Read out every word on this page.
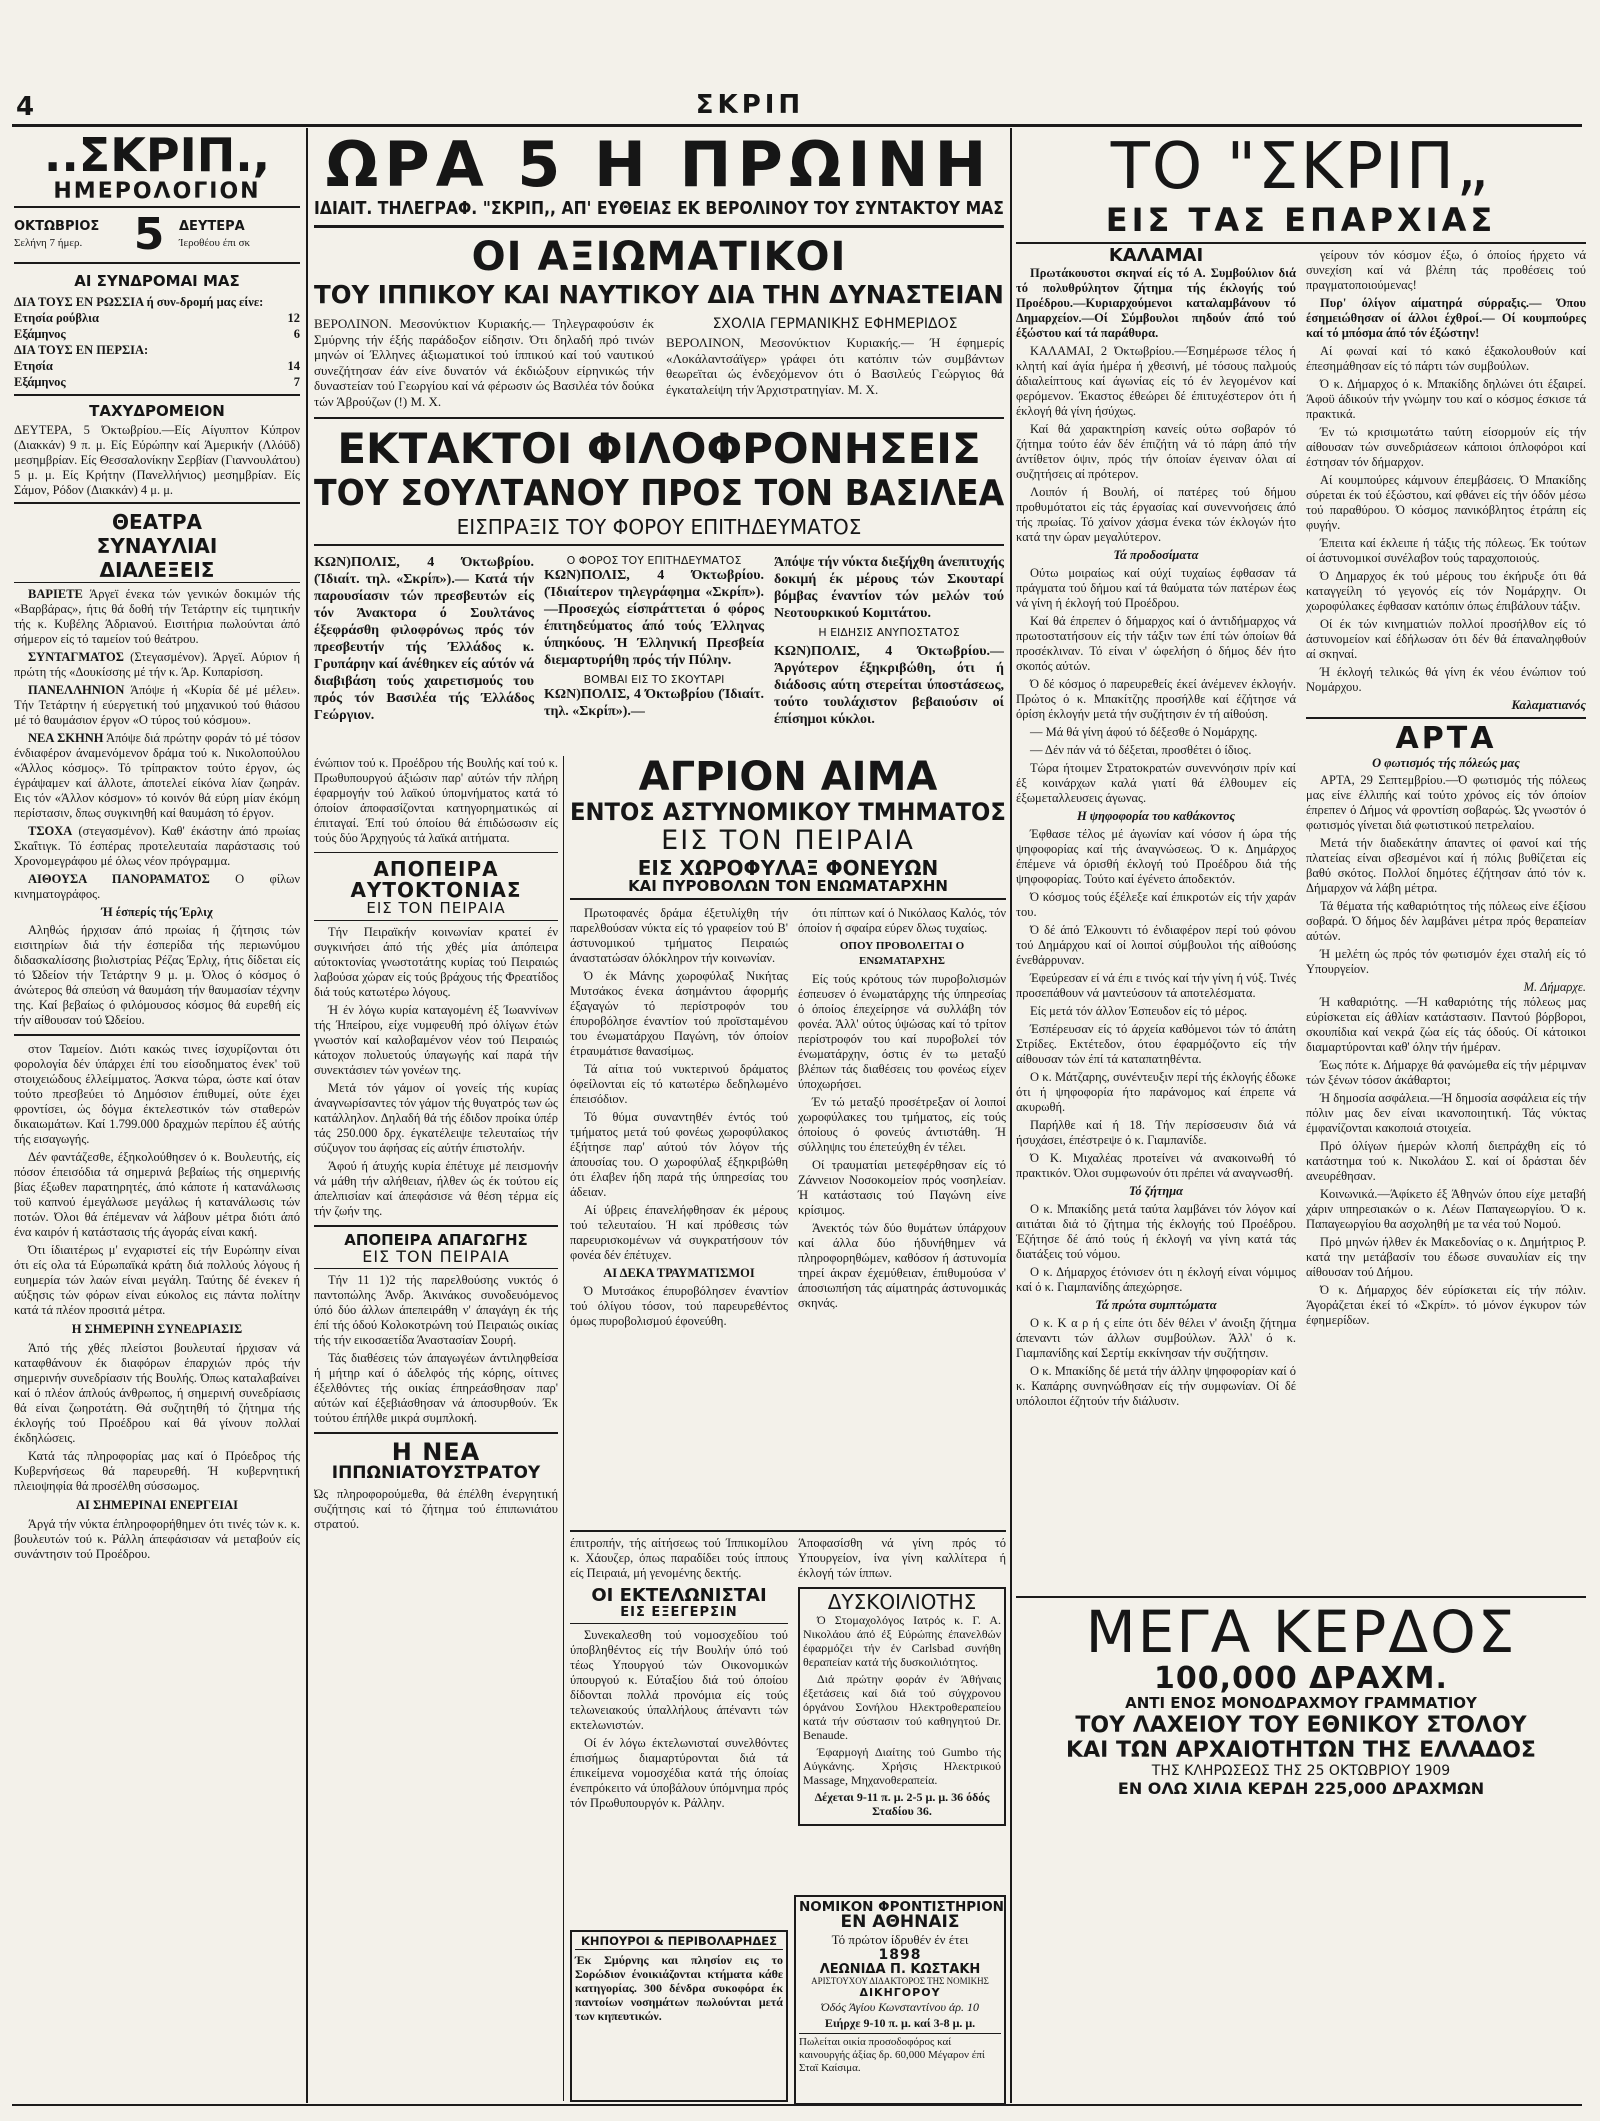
4	ΣΚΡΙΠ
..ΣΚΡΙΠ.,
ΗΜΕΡΟΛΟΓΙΟΝ
ΟΚΤΩΒΡΙΟΣ
Σελήνη 7 ήμερ.	5	ΔΕΥΤΕΡΑ
Ίεροθέου έπι σκ
ΑΙ ΣΥΝΔΡΟΜΑΙ ΜΑΣ
ΔΙΑ ΤΟΥΣ ΕΝ ΡΩΣΣΙΑ ή συν-δρομή μας είνε:
Ετησία ρούβλια	12
Εξάμηνος	6
ΔΙΑ ΤΟΥΣ ΕΝ ΠΕΡΣΙΑ:
Ετησία	14
Εξάμηνος	7
ΤΑΧΥΔΡΟΜΕΙΟΝ
ΔΕΥΤΕΡΑ, 5 Όκτωβρίου.—Είς Αίγυπτον Κύπρον (Διακκάν) 9 π. μ. Είς Εύρώπην καί Άμερικήν (Λλόϋδ) μεσημβρίαν. Είς Θεσσαλονίκην Σερβίαν (Γιαννουλάτου) 5 μ. μ. Είς Κρήτην (Πανελλήνιος) μεσημβρίαν. Είς Σάμον, Ρόδον (Διακκάν) 4 μ. μ.
ΘΕΑΤΡΑ
ΣΥΝΑΥΛΙΑΙ
ΔΙΑΛΕΞΕΙΣ

ΒΑΡΙΕΤΕ Άργεϊ ένεκα τών γενικών δοκιμών τής «Βαρβάρας», ήτις θά δοθή τήν Τετάρτην είς τιμητικήν τής κ. Κυβέλης Άδριανού. Εισιτήρια πωλούνται άπό σήμερον είς τό ταμείον τού θεάτρου.

ΣΥΝΤΑΓΜΑΤΟΣ (Στεγασμένον). Άργεϊ. Αύριον ή πρώτη τής «Δουκίσσης μέ τήν κ. Άρ. Κυπαρίσση.

ΠΑΝΕΛΛΗΝΙΟΝ Άπόψε ή «Κυρία δέ μέ μέλει». Τήν Τετάρτην ή εύεργετική τού μηχανικού τού θιάσου μέ τό θαυμάσιον έργον «Ο τύρος τού κόσμου».

ΝΕΑ ΣΚΗΝΗ Άπόψε διά πρώτην φοράν τό μέ τόσον ένδιαφέρον άναμενόμενον δράμα τού κ. Νικολοπούλου «Άλλος κόσμος». Τό τρίπρακτον τούτο έργον, ώς έγράψαμεν καί άλλοτε, άποτελεί είκόνα λίαν ζωηράν. Εις τόν «Άλλον κόσμον» τό κοινόν θά εύρη μίαν έκόμη περίστασιν, δπως συγκινηθή καί θαυμάση τό έργον.

ΤΣΟΧΑ (στεγασμένον). Καθ' έκάστην άπό πρωίας Σκαΐτιγκ. Τό έσπέρας προτελευταία παράστασις τού Χρονομεγράφου μέ όλως νέον πρόγραμμα.

ΑΙΘΟΥΣΑ ΠΑΝΟΡΑΜΑΤΟΣ Ο φίλων κινηματογράφος.

Ή έσπερίς τής Έρλιχ

Αληθώς ήρχισαν άπό πρωίας ή ζήτησις τών εισιτηρίων διά τήν έσπερίδα τής περιωνύμου διδασκαλίσσης βιολιστρίας Ρέζας Έρλιχ, ήτις δίδεται είς τό Ώδείον τήν Τετάρτην 9 μ. μ. Όλος ό κόσμος ό άνώτερος θά σπεύση νά θαυμάση τήν θαυμασίαν τέχνην της. Καί βεβαίως ό φιλόμουσος κόσμος θά ευρεθή είς τήν αίθουσαν τού Ώδείου.

στον Ταμείον. Διότι κακώς τινες ίσχυρίζονται ότι φορολογία δέν ύπάρχει έπί του είσοδηματος ένεκ' τοϋ στοιχειώδους έλλείμματος. Άσκνα τώρα, ώστε καί όταν τούτο πρεσβεύει τό Δημόσιον έπιθυμεί, ούτε έχει φροντίσει, ώς δόγμα έκτελεστικόν τών σταθερών δικαιωμάτων. Καί 1.799.000 δραχμών περίπου έξ αύτής τής εισαγωγής.

Δέν φαντάζεσθε, έξηκολούθησεν ό κ. Βουλευτής, είς πόσον έπεισόδια τά σημερινά βεβαίως τής σημερινής βίας έξωθεν παρατηρητές, άπό κάποτε ή κατανάλωσις τοϋ καπνού έμεγάλωσε μεγάλως ή κατανάλωσις τών ποτών. Όλοι θά έπέμεναν νά λάβουν μέτρα διότι άπό ένα καιρόν ή κατάστασις τής άγοράς είναι κακή.

Ότι ίδιαιτέρως μ' ενχαριστεί είς τήν Ευρώπην είναι ότι είς ολα τά Εύρωπαϊκά κράτη διά πολλούς λόγους ή ευημερία τών λαών είναι μεγάλη. Ταύτης δέ ένεκεν ή αύξησις τών φόρων είναι εύκολος εις πάντα πολίτην κατά τά πλέον προσιτά μέτρα.

Η ΣΗΜΕΡΙΝΗ ΣΥΝΕΔΡΙΑΣΙΣ

Άπό τής χθές πλείστοι βουλευταί ήρχισαν νά καταφθάνουν έκ διαφόρων έπαρχιών πρός τήν σημερινήν συνεδρίασιν τής Βουλής. Όπως καταλαβαίνει καί ό πλέον άπλούς άνθρωπος, ή σημερινή συνεδρίασις θά είναι ζωηροτάτη. Θά συζητηθή τό ζήτημα τής έκλογής τού Προέδρου καί θά γίνουν πολλαί έκδηλώσεις.

Κατά τάς πληροφορίας μας καί ό Πρόεδρος τής Κυβερνήσεως θά παρευρεθή. Ή κυβερνητική πλειοψηφία θά προσέλθη σύσσωμος.

ΑΙ ΣΗΜΕΡΙΝΑΙ ΕΝΕΡΓΕΙΑΙ

Άργά τήν νύκτα έπληροφορήθημεν ότι τινές τών κ. κ. βουλευτών τού κ. Ράλλη άπεφάσισαν νά μεταβούν είς συνάντησιν τού Προέδρου.

ΩΡΑ 5 Η ΠΡΩΙΝΗ
ΙΔΙΑΙΤ. ΤΗΛΕΓΡΑΦ. "ΣΚΡΙΠ,, ΑΠ' ΕΥΘΕΙΑΣ ΕΚ ΒΕΡΟΛΙΝΟΥ ΤΟΥ ΣΥΝΤΑΚΤΟΥ ΜΑΣ
ΟΙ ΑΞΙΩΜΑΤΙΚΟΙ
ΤΟΥ ΙΠΠΙΚΟΥ ΚΑΙ ΝΑΥΤΙΚΟΥ ΔΙΑ ΤΗΝ ΔΥΝΑΣΤΕΙΑΝ
ΒΕΡΟΛΙΝΟΝ. Μεσονύκτιον Κυριακής.— Τηλεγραφούσιν έκ Σμύρνης τήν έξής παράδοξον είδησιν. Ότι δηλαδή πρό τινών μηνών οί Έλληνες άξιωματικοί τού ίππικού καί τού ναυτικού συνεζήτησαν έάν είνε δυνατόν νά έκδιώξουν είρηνικώς τήν δυναστείαν τού Γεωργίου καί νά φέρωσιν ώς Βασιλέα τόν δούκα τών Άβρούζων (!) Μ. Χ.
ΣΧΟΛΙΑ ΓΕΡΜΑΝΙΚΗΣ ΕΦΗΜΕΡΙΔΟΣ
ΒΕΡΟΛΙΝΟΝ, Μεσονύκτιον Κυριακής.— Ή έφημερίς «Λοκάλαντσάϊγερ» γράφει ότι κατόπιν τών συμβάντων θεωρεϊται ώς ένδεχόμενον ότι ό Βασιλεύς Γεώργιος θά έγκαταλείψη τήν Άρχιστρατηγίαν. Μ. Χ.
ΕΚΤΑΚΤΟΙ ΦΙΛΟΦΡΟΝΗΣΕΙΣ
ΤΟΥ ΣΟΥΛΤΑΝΟΥ ΠΡΟΣ ΤΟΝ ΒΑΣΙΛΕΑ
ΕΙΣΠΡΑΞΙΣ ΤΟΥ ΦΟΡΟΥ ΕΠΙΤΗΔΕΥΜΑΤΟΣ
ΚΩΝ)ΠΟΛΙΣ, 4 Όκτωβρίου. (Ίδιαίτ. τηλ. «Σκρίπ»).— Κατά τήν παρουσίασιν τών πρεσβευτών είς τόν Άνακτορα ό Σουλτάνος έξεφράσθη φιλοφρόνως πρός τόν πρεσβευτήν τής Έλλάδος κ. Γρυπάρην καί άνέθηκεν είς αύτόν νά διαβιβάση τούς χαιρετισμούς του πρός τόν Βασιλέα τής Έλλάδος Γεώργιον.
Ο ΦΟΡΟΣ ΤΟΥ ΕΠΙΤΗΔΕΥΜΑΤΟΣ
ΚΩΝ)ΠΟΛΙΣ, 4 Όκτωβρίου. (Ίδιαίτερον τηλεγράφημα «Σκρίπ»).—Προσεχώς είσπράττεται ό φόρος έπιτηδεύματος άπό τούς Έλληνας ύπηκόους. Ή Έλληνική Πρεσβεία διεμαρτυρήθη πρός τήν Πύλην.
ΒΟΜΒΑΙ ΕΙΣ ΤΟ ΣΚΟΥΤΑΡΙ
ΚΩΝ)ΠΟΛΙΣ, 4 Όκτωβρίου (Ίδιαίτ. τηλ. «Σκρίπ»).—
Άπόψε τήν νύκτα διεξήχθη άνεπιτυχής δοκιμή έκ μέρους τών Σκουταρί βόμβας έναντίον τών μελών τού Νεοτουρκικού Κομιτάτου.
Η ΕΙΔΗΣΙΣ ΑΝΥΠΟΣΤΑΤΟΣ
ΚΩΝ)ΠΟΛΙΣ, 4 Όκτωβρίου.—Άργότερον έξηκριβώθη, ότι ή διάδοσις αύτη στερείται ύποστάσεως, τούτο τουλάχιστον βεβαιούσιν οί έπίσημοι κύκλοι.
ένώπιον τού κ. Προέδρου τής Βουλής καί τού κ. Πρωθυπουργού άξιώσιν παρ' αύτών τήν πλήρη έφαρμογήν τού λαϊκού ύπομνήματος κατά τό όποίον άποφασίζονται κατηγορηματικώς αί έπιταγαί. Έπί τού όποίου θά έπιδώσωσιν είς τούς δύο Άρχηγούς τά λαϊκά αιτήματα.
ΑΠΟΠΕΙΡΑ
ΑΥΤΟΚΤΟΝΙΑΣ
ΕΙΣ ΤΟΝ ΠΕΙΡΑΙΑ

Τήν Πειραϊκήν κοινωνίαν κρατεί έν συγκινήσει άπό τής χθές μία άπόπειρα αύτοκτονίας γνωστοτάτης κυρίας τού Πειραιώς λαβούσα χώραν είς τούς βράχους τής Φρεατίδος διά τούς κατωτέρω λόγους.

Ή έν λόγω κυρία καταγομένη έξ Ίωαννίνων τής Ήπείρου, είχε νυμφευθή πρό όλίγων έτών γνωστόν καί καλοβαμένον νέον τού Πειραιώς κάτοχον πολυετούς ύπαγωγής καί παρά τήν συνεκτάσιεν τών γονέων της.

Μετά τόν γάμον οί γονείς τής κυρίας άναγνωρίσαντες τόν γάμον τής θυγατρός των ώς κατάλληλον. Δηλαδή θά τής έδιδον προίκα ύπέρ τάς 250.000 δρχ. έγκατέλειψε τελευταίως τήν σύζυγον του άφήσας είς αύτήν έπιστολήν.

Άφού ή άτυχής κυρία έπέτυχε μέ πεισμονήν νά μάθη τήν αλήθειαν, ήλθεν ώς έκ τούτου είς άπελπισίαν καί άπεφάσισε νά θέση τέρμα είς τήν ζωήν της.

ΑΠΟΠΕΙΡΑ ΑΠΑΓΩΓΗΣ
ΕΙΣ ΤΟΝ ΠΕΙΡΑΙΑ

Τήν 11 1)2 τής παρελθούσης νυκτός ό παντοπώλης Άνδρ. Άκινάκος συνοδευόμενος ύπό δύο άλλων άπεπειράθη ν' άπαγάγη έκ τής έπί τής όδού Κολοκοτρώνη τού Πειραιώς οικίας τής τήν εικοσαετίδα Άναστασίαν Σουρή.

Τάς διαθέσεις τών άπαγωγέων άντιληφθείσα ή μήτηρ καί ό άδελφός τής κόρης, οίτινες έξελθόντες τής οικίας έπηρεάσθησαν παρ' αύτών καί έξεβιάσθησαν νά άποσυρθούν. Έκ τούτου έπήλθε μικρά συμπλοκή.

Η ΝΕΑ
ΙΠΠΩΝΙΑΤΟΥΣΤΡΑΤΟΥ
Ώς πληροφορούμεθα, θά έπέλθη ένεργητική συζήτησις καί τό ζήτημα τού έπιπωνιάτου στρατού.
ΑΓΡΙΟΝ ΑΙΜΑ
ΕΝΤΟΣ ΑΣΤΥΝΟΜΙΚΟΥ ΤΜΗΜΑΤΟΣ
ΕΙΣ ΤΟΝ ΠΕΙΡΑΙΑ
ΕΙΣ ΧΩΡΟΦΥΛΑΞ ΦΟΝΕΥΩΝ
ΚΑΙ ΠΥΡΟΒΟΛΩΝ ΤΟΝ ΕΝΩΜΑΤΑΡΧΗΝ

Πρωτοφανές δράμα έξετυλίχθη τήν παρελθούσαν νύκτα είς τό γραφείον τού Β' άστυνομικού τμήματος Πειραιώς άναστατώσαν όλόκληρον τήν κοινωνίαν.

Ό έκ Μάνης χωροφύλαξ Νικήτας Μυτσάκος ένεκα άσημάντου άφορμής έξαγαγών τό περίστροφόν του έπυροβόλησε έναντίον τού προϊσταμένου του ένωματάρχου Παγώνη, τόν όποίον έτραυμάτισε θανασίμως.

Τά αίτια τού νυκτερινού δράματος όφείλονται είς τό κατωτέρω δεδηλωμένο έπεισόδιον.

Τό θύμα συναντηθέν έντός τού τμήματος μετά τού φονέως χωροφύλακος έξήτησε παρ' αύτού τόν λόγον τής άπουσίας του. Ο χωροφύλαξ έξηκριβώθη ότι έλαβεν ήδη παρά τής ύπηρεσίας του άδειαν.

Αί ύβρεις έπανελήφθησαν έκ μέρους τού τελευταίου. Ή καί πρόθεσις τών παρευρισκομένων νά συγκρατήσουν τόν φονέα δέν έπέτυχεν.

ΑΙ ΔΕΚΑ ΤΡΑΥΜΑΤΙΣΜΟΙ

Ό Μυτσάκος έπυροβόλησεν έναντίον τού όλίγου τόσον, τού παρευρεθέντος όμως πυροβολισμού έφονεύθη.

ότι πίπτων καί ό Νικόλαος Καλός, τόν όποίον ή σφαίρα εύρεν δλως τυχαίως.

ΟΠΟΥ ΠΡΟΒΟΛΕΙΤΑΙ Ο ΕΝΩΜΑΤΑΡΧΗΣ

Είς τούς κρότους τών πυροβολισμών έσπευσεν ό ένωματάρχης τής ύπηρεσίας ό όποίος έπεχείρησε νά συλλάβη τόν φονέα. Άλλ' ούτος ύψώσας καί τό τρίτον περίστροφόν του καί πυροβολεί τόν ένωματάρχην, όστις έν τω μεταξύ βλέπων τάς διαθέσεις του φονέως είχεν ύποχωρήσει.

Έν τώ μεταξύ προσέτρεξαν οί λοιποί χωροφύλακες του τμήματος, είς τούς όποίους ό φονεύς άντιστάθη. Ή σύλληψις του έπετεύχθη έν τέλει.

Οί τραυματίαι μετεφέρθησαν είς τό Ζάννειον Νοσοκομείον πρός νοσηλείαν. Ή κατάστασις τού Παγώνη είνε κρίσιμος.

Άνεκτός τών δύο θυμάτων ύπάρχουν καί άλλα δύο ήδυνήθημεν νά πληροφορηθώμεν, καθόσον ή άστυνομία τηρεί άκραν έχεμύθειαν, έπιθυμούσα ν' άποσιωπήση τάς αίματηράς άστυνομικάς σκηνάς.

έπιτροπήν, τής αίτήσεως τού Ίππικομίλου κ. Χάουζερ, όπως παραδίδει τούς ίππους είς Πειραιά, μή γενομένης δεκτής.
ΟΙ ΕΚΤΕΛΩΝΙΣΤΑΙ
ΕΙΣ ΕΞΕΓΕΡΣΙΝ

Συνεκαλεσθη τού νομοσχεδίου τού ύποβληθέντος είς τήν Βουλήν ύπό τού τέως Υπουργού τών Οικονομικών ύπουργού κ. Εύταξίου διά τού όποίου δίδονται πολλά προνόμια είς τούς τελωνειακούς ύπαλλήλους άπέναντι τών εκτελωνιστών.

Οί έν λόγω έκτελωνισταί συνελθόντες έπισήμως διαμαρτύρονται διά τά έπικείμενα νομοσχέδια κατά τής όποίας ένεπρόκειτο νά ύποβάλουν ύπόμνημα πρός τόν Πρωθυπουργόν κ. Ράλλην.

Άποφασίσθη νά γίνη πρός τό Υπουργείον, ίνα γίνη καλλίτερα ή έκλογή τών ίππων.
ΔΥΣΚΟΙΛΙΟΤΗΣ

Ό Στομαχολόγος Ιατρός κ. Γ. Α. Νικολάου άπό έξ Εύρώπης έπανελθών έφαρμόζει τήν έν Carlsbad συνήθη θεραπείαν κατά τής δυσκοιλιότητος.

Διά πρώτην φοράν έν Άθήναις έξετάσεις καί διά τού σύγχρονου όργάνου Σονήλου Ηλεκτροθεραπείου κατά τήν σύστασιν τού καθηγητού Dr. Benaude.

Έφαρμογή Διαίτης τού Gumbo τής Αύγκάνης. Χρήσις Ηλεκτρικού Massage, Μηχανοθεραπεία.

Δέχεται 9-11 π. μ. 2-5 μ. μ. 36 όδός Σταδίου 36.

ΚΗΠΟΥΡΟΙ & ΠΕΡΙΒΟΛΑΡΗΔΕΣ
Έκ Σμύρνης και πλησίον εις το Σορώδιον ένοικιάζονται κτήματα κάθε κατηγορίας. 300 δένδρα συκοφόρα έκ παντοίων νοσημάτων πωλούνται μετά των κηπευτικών.
ΝΟΜΙΚΟΝ ΦΡΟΝΤΙΣΤΗΡΙΟΝ
ΕΝ ΑΘΗΝΑΙΣ
Τό πρώτον ίδρυθέν έν έτει
1898
ΛΕΩΝΙΔΑ Π. ΚΩΣΤΑΚΗ
ΑΡΙΣΤΟΥΧΟΥ ΔΙΔΑΚΤΟΡΟΣ ΤΗΣ ΝΟΜΙΚΗΣ
ΔΙΚΗΓΟΡΟΥ
Όδός Άγίου Κωνσταντίνου άρ. 10
Ειήρχε 9-10 π. μ. καί 3-8 μ. μ.
Πωλείται οικία προσοδοφόρος καί καινουργής άξίας δρ. 60,000 Μέγαρον έπί Σταϊ Καίσιμα.
ΤΟ "ΣΚΡΙΠ„
ΕΙΣ ΤΑΣ ΕΠΑΡΧΙΑΣ
ΚΑΛΑΜΑΙ

Πρωτάκουστοι σκηναί είς τό Α. Συμβούλιον διά τό πολυθρύλητον ζήτημα τής έκλογής τού Προέδρου.—Κυριαρχούμενοι καταλαμβάνουν τό Δημαρχείον.—Οί Σύμβουλοι πηδούν άπό τού έξώστου καί τά παράθυρα.

ΚΑΛΑΜΑΙ, 2 Όκτωβρίου.—Έσημέρωσε τέλος ή κλητή καί άγία ήμέρα ή χθεσινή, μέ τόσους παλμούς άδιαλείπτους καί άγωνίας είς τό έν λεγομένον καί φερόμενον. Έκαστος έθεώρει δέ έπιτυχέστερον ότι ή έκλογή θά γίνη ήσύχως.

Καί θά χαρακτηρίση κανείς ούτω σοβαρόν τό ζήτημα τούτο έάν δέν έπιζήτη νά τό πάρη άπό τήν άντίθετον όψιν, πρός τήν όποίαν έγειναν όλαι αί συζητήσεις αί πρότερον.

Λοιπόν ή Βουλή, οί πατέρες τού δήμου προθυμότατοι είς τάς έργασίας καί συνεννοήσεις άπό τής πρωίας. Τό χαίνον χάσμα ένεκα τών έκλογών ήτο κατά την ώραν μεγαλύτερον.

Τά προδοσίματα

Ούτω μοιραίως καί ούχί τυχαίως έφθασαν τά πράγματα τού δήμου καί τά θαύματα τών πατέρων έως νά γίνη ή έκλογή τού Προέδρου.

Καί θά έπρεπεν ό δήμαρχος καί ό άντιδήμαρχος νά πρωτοστατήσουν είς τήν τάξιν των έπί τών όποίων θά προσέκλιναν. Τό είναι ν' ώφελήση ό δήμος δέν ήτο σκοπός αύτών.

Ό δέ κόσμος ό παρευρεθείς έκεί άνέμενεν έκλογήν. Πρώτος ό κ. Μπακίτζης προσήλθε καί έζήτησε νά όρίση έκλογήν μετά τήν συζήτησιν έν τή αίθούση.

— Μά θά γίνη άφού τό δέξεσθε ό Νομάρχης.

— Δέν πάν νά τό δέξεται, προσθέτει ό ίδιος.

Τώρα ήτοιμεν Στρατοκρατών συνεννόησιν πρίν καί έξ κοινάρχων καλά γιατί θά έλθουμεν είς έξωμεταλλευσεις άγωνας.

Η ψηφοφορία του καθάκοντος

Έφθασε τέλος μέ άγωνίαν καί νόσον ή ώρα τής ψηφοφορίας καί τής άναγνώσεως. Ό κ. Δημάρχος έπέμενε νά όρισθή έκλογή τού Προέδρου διά τής ψηφοφορίας. Τούτο καί έγένετο άποδεκτόν.

Ό κόσμος τούς έξέλεξε καί έπικροτών είς τήν χαράν του.

Ό δέ άπό Έλκουντι τό ένδιαφέρον περί τού φόνου τού Δημάρχου καί οί λοιποί σύμβουλοι τής αίθούσης ένεθάρρυναν.

Έφεύρεσαν εί νά έπι ε τινός καί τήν γίνη ή νύξ. Τινές προσεπάθουν νά μαντεύσουν τά αποτελέσματα.

Είς μετά τόν άλλον Έσπευδον είς τό μέρος.

Έσπέρευσαν είς τό άρχεία καθόμενοι τών τό άπάτη Στρίδες. Εκτέτεδον, ότου έφαρμόζοντο είς τήν αίθουσαν τών έπί τά καταπατηθέντα.

Ο κ. Μάτζαρης, συνέντευξιν περί τής έκλογής έδωκε ότι ή ψηφοφορία ήτο παράνομος καί έπρεπε νά ακυρωθή.

Παρήλθε καί ή 18. Τήν περίσσευσιν διά νά ήσυχάσει, έπέστρεψε ό κ. Γιαμπανίδε.

Ό Κ. Μιχαλέας προτείνει νά ανακοινωθή τό πρακτικόν. Όλοι συμφωνούν ότι πρέπει νά αναγνωσθή.

Τό ζήτημα

Ο κ. Μπακίδης μετά ταύτα λαμβάνει τόν λόγον καί αιτιάται διά τό ζήτημα τής έκλογής τού Προέδρου. Έζήτησε δέ άπό τούς ή έκλογή να γίνη κατά τάς διατάξεις τού νόμου.

Ο κ. Δήμαρχος έτόνισεν ότι η έκλογή είναι νόμιμος καί ό κ. Γιαμπανίδης άπεχώρησε.

Τά πρώτα συμπτώματα

Ο κ. Κ α ρ ή ς είπε ότι δέν θέλει ν' άνοιξη ζήτημα άπεναντι τών άλλων συμβούλων. Άλλ' ό κ. Γιαμπανίδης καί Σερτίμ εκκίνησαν τήν συζήτησιν.

Ο κ. Μπακίδης δέ μετά τήν άλλην ψηφοφορίαν καί ό κ. Καπάρης συνηνώθησαν είς τήν συμφωνίαν. Οί δέ υπόλοιποι έζητούν τήν διάλυσιν.

γείρουν τόν κόσμον έξω, ό όποίος ήρχετο νά συνεχίση καί νά βλέπη τάς προθέσεις τού πραγματοποιούμενας!

Πυρ' όλίγον αίματηρά σύρραξις.— Όπου έσημειώθησαν οί άλλοι έχθροί.— Οί κουμπούρες καί τό μπόσμα άπό τόν έξώστην!

Αί φωναί καί τό κακό έξακολουθούν καί έπεσημάθησαν είς τό πάρτι τών συμβούλων.

Ό κ. Δήμαρχος ό κ. Μπακίδης δηλώνει ότι έξαιρεί. Άφοϋ άδικούν τήν γνώμην του καί ο κόσμος έσκισε τά πρακτικά.

Έν τώ κρισιμωτάτω ταύτη είσορμούν είς τήν αίθουσαν τών συνεδριάσεων κάποιοι όπλοφόροι καί έστησαν τόν δήμαρχον.

Αί κουμπούρες κάμνουν έπεμβάσεις. Ό Μπακίδης σύρεται έκ τού έξώστου, καί φθάνει είς τήν όδόν μέσω τού παραθύρου. Ό κόσμος πανικόβλητος έτράπη είς φυγήν.

Έπειτα καί έκλειπε ή τάξις τής πόλεως. Έκ τούτων οί άστυνομικοί συνέλαβον τούς ταραχοποιούς.

Ό Δημαρχος έκ τού μέρους του έκήρυξε ότι θά καταγγείλη τό γεγονός είς τόν Νομάρχην. Οι χωροφύλακες έφθασαν κατόπιν όπως έπιβάλουν τάξιν.

Οί έκ τών κινηματιών πολλοί προσήλθον είς τό άστυνομείον καί έδήλωσαν ότι δέν θά έπαναληφθούν αί σκηναί.

Ή έκλογή τελικώς θά γίνη έκ νέου ένώπιον τού Νομάρχου.

Καλαματιανός
ΑΡΤΑ
Ο φωτισμός τής πόλεώς μας

ΑΡΤΑ, 29 Σεπτεμβρίου.—Ό φωτισμός τής πόλεως μας είνε έλλιπής καί τούτο χρόνος είς τόν όποίον έπρεπεν ό Δήμος νά φροντίση σοβαρώς. Ώς γνωστόν ό φωτισμός γίνεται διά φωτιστικού πετρελαίου.

Μετά τήν διαδεκάτην άπαντες οί φανοί καί τής πλατείας είναι σβεσμένοι καί ή πόλις βυθίζεται είς βαθύ σκότος. Πολλοί δημότες έζήτησαν άπό τόν κ. Δήμαρχον νά λάβη μέτρα.

Τά θέματα τής καθαριότητος τής πόλεως είνε έξίσου σοβαρά. Ό δήμος δέν λαμβάνει μέτρα πρός θεραπείαν αύτών.

Ή μελέτη ώς πρός τόν φωτισμόν έχει σταλή είς τό Υπουργείον.

Μ. Δήμαρχε.

Ή καθαριότης. —Ή καθαριότης τής πόλεως μας εύρίσκεται είς άθλίαν κατάστασιν. Παντού βόρβοροι, σκουπίδια καί νεκρά ζώα είς τάς όδούς. Οί κάτοικοι διαμαρτύρονται καθ' όλην τήν ήμέραν.

Έως πότε κ. Δήμαρχε θά φανώμεθα είς τήν μέριμναν τών ξένων τόσον άκάθαρτοι;

Ή δημοσία ασφάλεια.—Ή δημοσία ασφάλεια είς τήν πόλιν μας δεν είναι ικανοποιητική. Τάς νύκτας έμφανίζονται κακοποιά στοιχεία.

Πρό όλίγων ήμερών κλοπή διεπράχθη είς τό κατάστημα τού κ. Νικολάου Σ. καί οί δράσται δέν ανευρέθησαν.

Κοινωνικά.—Άφίκετο έξ Άθηνών όπου είχε μεταβή χάριν υπηρεσιακών ο κ. Λέων Παπαγεωργίου. Ό κ. Παπαγεωργίου θα ασχοληθή με τα νέα τού Νομού.

Πρό μηνών ήλθεν έκ Μακεδονίας ο κ. Δημήτριος Ρ. κατά την μετάβασίν του έδωσε συναυλίαν είς την αίθουσαν τού Δήμου.

Ό κ. Δήμαρχος δέν εύρίσκεται είς τήν πόλιν. Άγοράζεται έκεί τό «Σκρίπ». τό μόνον έγκυρον τών έφημερίδων.

ΜΕΓΑ ΚΕΡΔΟΣ
100,000 ΔΡΑΧΜ.
ΑΝΤΙ ΕΝΟΣ ΜΟΝΟΔΡΑΧΜΟΥ ΓΡΑΜΜΑΤΙΟΥ
ΤΟΥ ΛΑΧΕΙΟΥ ΤΟΥ ΕΘΝΙΚΟΥ ΣΤΟΛΟΥ
ΚΑΙ ΤΩΝ ΑΡΧΑΙΟΤΗΤΩΝ ΤΗΣ ΕΛΛΑΔΟΣ
ΤΗΣ ΚΛΗΡΩΣΕΩΣ ΤΗΣ 25 ΟΚΤΩΒΡΙΟΥ 1909
ΕΝ ΟΛΩ ΧΙΛΙΑ ΚΕΡΔΗ 225,000 ΔΡΑΧΜΩΝ
